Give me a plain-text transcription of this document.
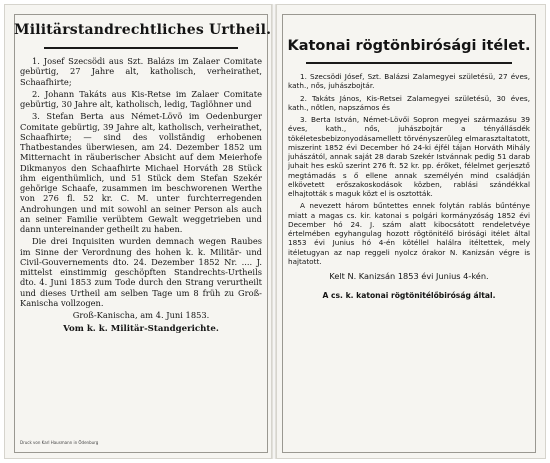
Militärstandrechtliches Urtheil.

1. Josef Szecsödi aus Szt. Balázs im Zalaer Comitate gebürtig, 27 Jahre alt, katholisch, verheirathet, Schaafhirte;

2. Johann Takáts aus Kis-Retse im Zalaer Comitate gebürtig, 30 Jahre alt, katholisch, ledig, Taglöhner und

3. Stefan Berta aus Német-Lövö im Oedenburger Comitate gebürtig, 39 Jahre alt, katholisch, verheirathet, Schaafhirte; — sind des vollständig erhobenen Thatbestandes überwiesen, am 24. Dezember 1852 um Mitternacht in räuberischer Absicht auf dem Meierhofe Dikmanyos den Schaafhirte Michael Horváth 28 Stück ihm eigenthümlich, und 51 Stück dem Stefan Szekér gehörige Schaafe, zusammen im beschworenen Werthe von 276 fl. 52 kr. C. M. unter furchterregenden Androhungen und mit sowohl an seiner Person als auch an seiner Familie verübtem Gewalt weggetrieben und dann untereinander getheilt zu haben.

Die drei Inquisiten wurden demnach wegen Raubes im Sinne der Verordnung des hohen k. k. Militär- und Civil-Gouvernements dto. 24. Dezember 1852 Nr. .... J. mittelst einstimmig geschöpften Standrechts-Urtheils dto. 4. Juni 1853 zum Tode durch den Strang verurtheilt und dieses Urtheil am selben Tage um 8 früh zu Groß-Kanischa vollzogen.

Groß-Kanischa, am 4. Juni 1853.

Vom k. k. Militär-Standgerichte.

Druck von Karl Hausmann in Ödenburg
Katonai rögtönbirósági itélet.

1. Szecsödi Jósef, Szt. Balázsi Zalamegyei születésü, 27 éves, kath., nős, juhászbojtár.

2. Takáts János, Kis-Retsei Zalamegyei születésü, 30 éves, kath., nőtlen, napszámos és

3. Berta István, Német-Lövői Sopron megyei származásu 39 éves, kath., nős, juhászbojtár a tényállásdék tökéletesbebizonyodásamellett törvényszerüleg elmarasztaltatott, miszerint 1852 évi December hó 24-ki éjfél tájan Horváth Mihály juhászától, annak saját 28 darab Szekér Istvánnak pedig 51 darab juhait hes eskü szerint 276 ft. 52 kr. pp. érőket, félelmet gerjesztő megtámadás s ő ellene annak személyén mind családján elkövetett erőszakoskodások közben, rablási szándékkal elhajtották s maguk közt el is osztották.

A nevezett három bűntettes ennek folytán rablás bűnténye miatt a magas cs. kir. katonai s polgári kormányzóság 1852 évi December hó 24. J. szám alatt kibocsátott rendeletvéye értelmében egyhangulag hozott rögtönitélő birósági itélet által 1853 évi Junius hó 4-én kötéllel halálra itéltettek, mely itéletugyan az nap reggeli nyolcz órakor N. Kanizsán végre is hajtatott.

Kelt N. Kanizsán 1853 évi Junius 4-kén.

A cs. k. katonai rögtönitélőbiróság által.
